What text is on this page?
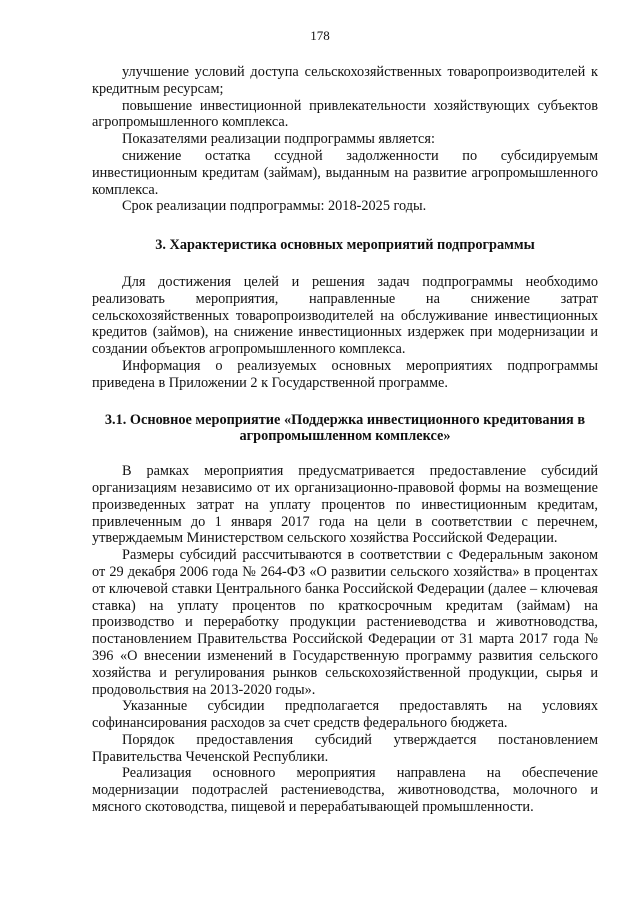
178

улучшение условий доступа сельскохозяйственных товаропроизводителей к кредитным ресурсам;

повышение инвестиционной привлекательности хозяйствующих субъектов агропромышленного комплекса.

Показателями реализации подпрограммы является:

снижение остатка ссудной задолженности по субсидируемым инвестиционным кредитам (займам), выданным на развитие агропромышленного комплекса.

Срок реализации подпрограммы: 2018-2025 годы.

3. Характеристика основных мероприятий подпрограммы

Для достижения целей и решения задач подпрограммы необходимо реализовать мероприятия, направленные на снижение затрат сельскохозяйственных товаропроизводителей на обслуживание инвестиционных кредитов (займов), на снижение инвестиционных издержек при модернизации и создании объектов агропромышленного комплекса.

Информация о реализуемых основных мероприятиях подпрограммы приведена в Приложении 2 к Государственной программе.

3.1. Основное мероприятие «Поддержка инвестиционного кредитования в агропромышленном комплексе»

В рамках мероприятия предусматривается предоставление субсидий организациям независимо от их организационно-правовой формы на возмещение произведенных затрат на уплату процентов по инвестиционным кредитам, привлеченным до 1 января 2017 года на цели в соответствии с перечнем, утверждаемым Министерством сельского хозяйства Российской Федерации.

Размеры субсидий рассчитываются в соответствии с Федеральным законом от 29 декабря 2006 года № 264-ФЗ «О развитии сельского хозяйства» в процентах от ключевой ставки Центрального банка Российской Федерации (далее – ключевая ставка) на уплату процентов по краткосрочным кредитам (займам) на производство и переработку продукции растениеводства и животноводства, постановлением Правительства Российской Федерации от 31 марта 2017 года № 396 «О внесении изменений в Государственную программу развития сельского хозяйства и регулирования рынков сельскохозяйственной продукции, сырья и продовольствия на 2013-2020 годы».

Указанные субсидии предполагается предоставлять на условиях софинансирования расходов за счет средств федерального бюджета.

Порядок предоставления субсидий утверждается постановлением Правительства Чеченской Республики.

Реализация основного мероприятия направлена на обеспечение модернизации подотраслей растениеводства, животноводства, молочного и мясного скотоводства, пищевой и перерабатывающей промышленности.
